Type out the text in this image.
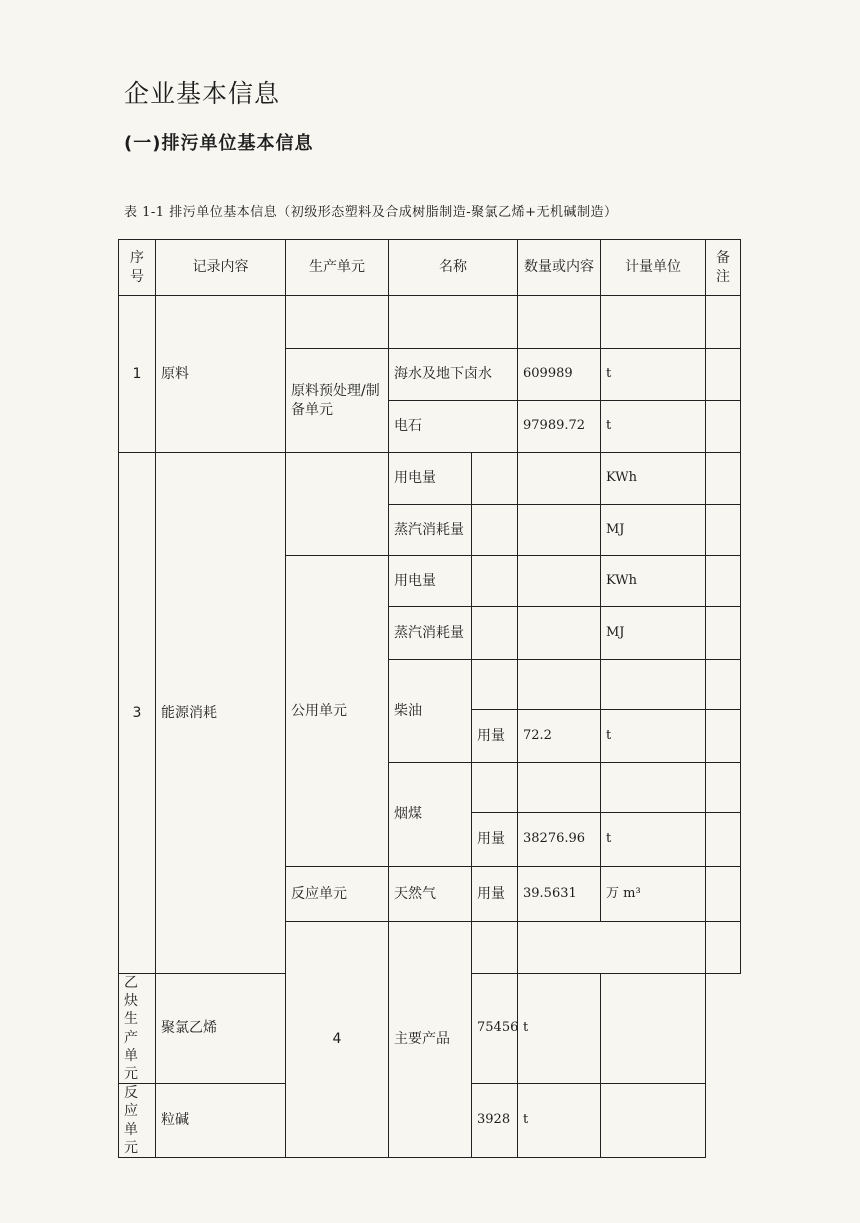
企业基本信息
(一)排污单位基本信息
表 1-1 排污单位基本信息（初级形态塑料及合成树脂制造-聚氯乙烯+无机碱制造）
序号	记录内容	生产单元	名称		数量或内容	计量单位	备注	
1	原料							
		原料预处理/制备单元	海水及地下卤水		609989	t		
			电石		97989.72	t		
3	能源消耗		用电量			KWh		
			蒸汽消耗量			MJ		
		公用单元	用电量			KWh		
			蒸汽消耗量			MJ		
			柴油					
				用量	72.2	t		
			烟煤					
				用量	38276.96	t		
		反应单元	天然气	用量	39.5631	万 m³		
		4	主要产品					
乙炔生产单元	聚氯乙烯			75456	t			
反应单元	粒碱			3928	t			
